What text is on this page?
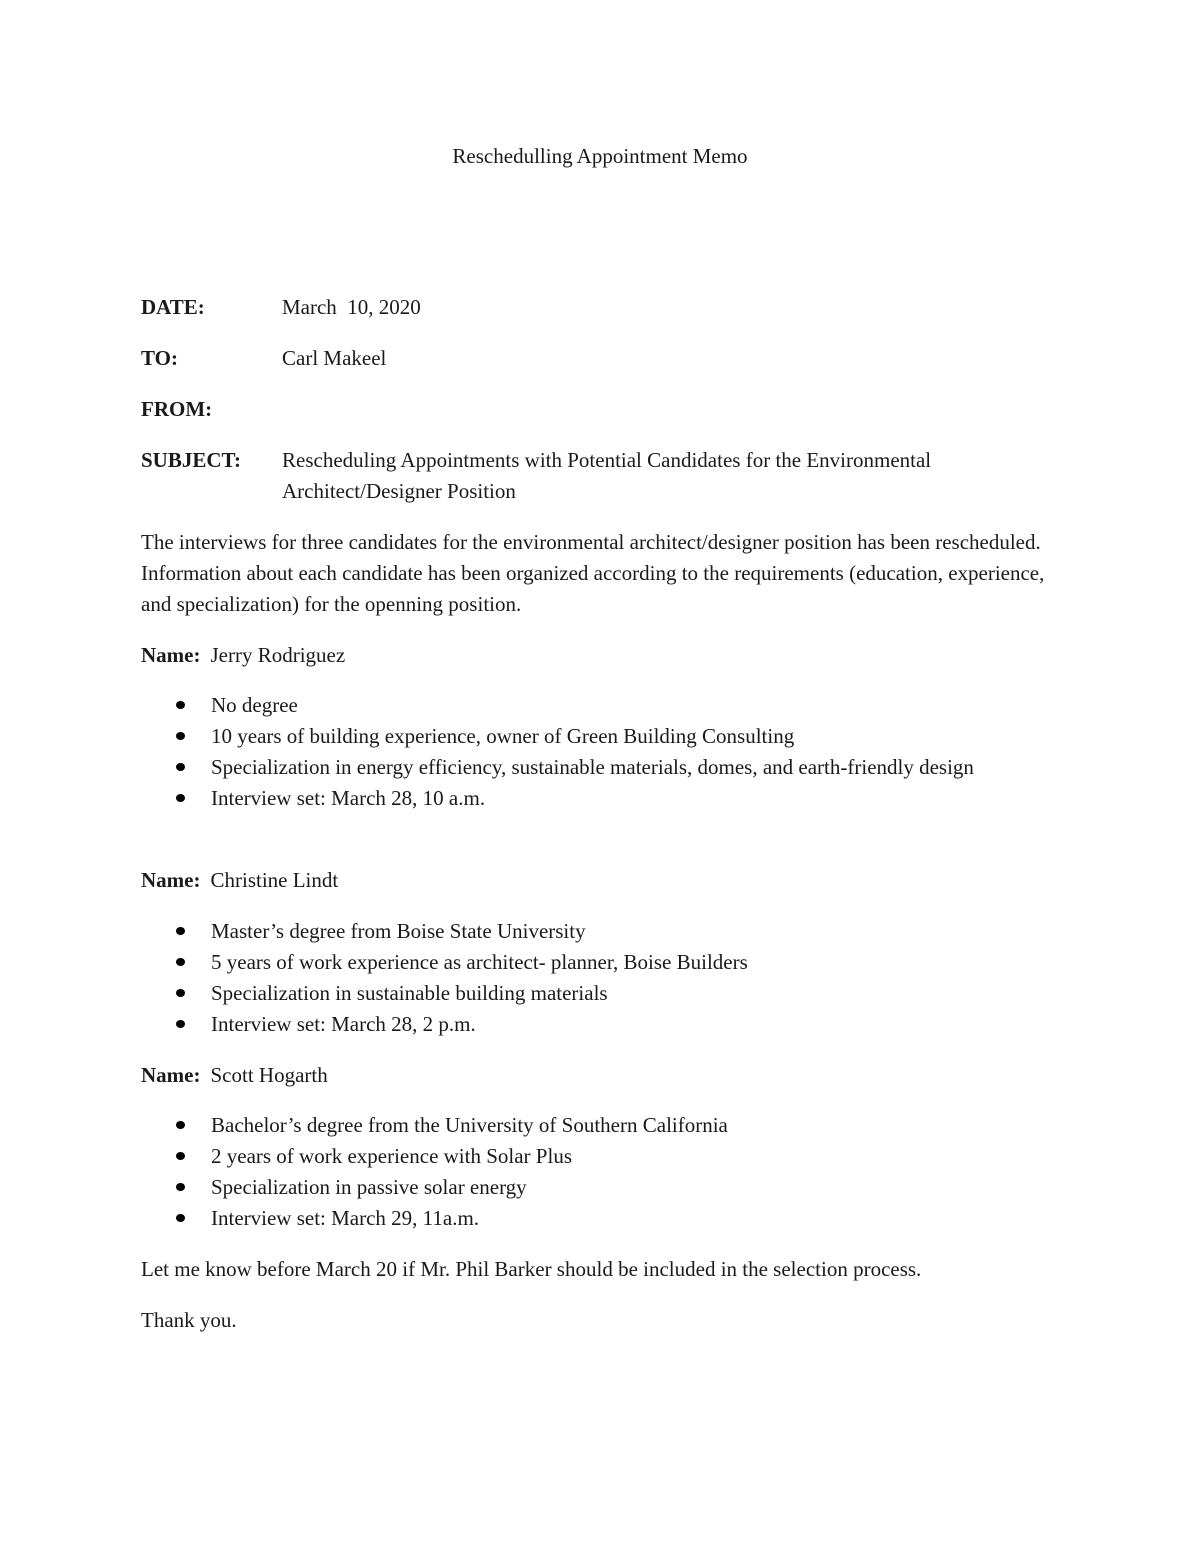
Reschedulling Appointment Memo
DATE:	March  10, 2020
TO:	Carl Makeel
FROM:
SUBJECT: Rescheduling Appointments with Potential Candidates for the Environmental Architect/Designer Position

The interviews for three candidates for the environmental architect/designer position has been rescheduled. Information about each candidate has been organized according to the requirements (education, experience, and specialization) for the openning position.

Name: Jerry Rodriguez
No degree
10 years of building experience, owner of Green Building Consulting
Specialization in energy efficiency, sustainable materials, domes, and earth-friendly design
Interview set: March 28, 10 a.m.
Name: Christine Lindt
Master’s degree from Boise State University
5 years of work experience as architect- planner, Boise Builders
Specialization in sustainable building materials
Interview set: March 28, 2 p.m.
Name: Scott Hogarth
Bachelor’s degree from the University of Southern California
2 years of work experience with Solar Plus
Specialization in passive solar energy
Interview set: March 29, 11a.m.

Let me know before March 20 if Mr. Phil Barker should be included in the selection process.

Thank you.
